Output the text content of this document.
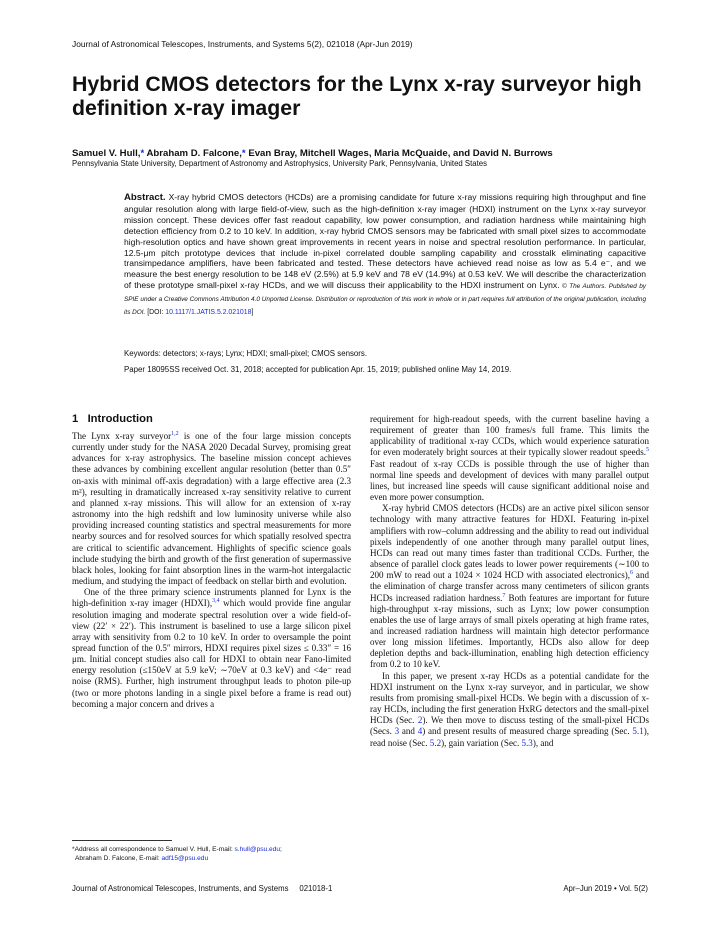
Journal of Astronomical Telescopes, Instruments, and Systems 5(2), 021018 (Apr-Jun 2019)
Hybrid CMOS detectors for the Lynx x-ray surveyor high definition x-ray imager
Samuel V. Hull,* Abraham D. Falcone,* Evan Bray, Mitchell Wages, Maria McQuaide, and David N. Burrows
Pennsylvania State University, Department of Astronomy and Astrophysics, University Park, Pennsylvania, United States

Abstract. X-ray hybrid CMOS detectors (HCDs) are a promising candidate for future x-ray missions requiring high throughput and fine angular resolution along with large field-of-view, such as the high-definition x-ray imager (HDXI) instrument on the Lynx x-ray surveyor mission concept. These devices offer fast readout capability, low power consumption, and radiation hardness while maintaining high detection efficiency from 0.2 to 10 keV. In addition, x-ray hybrid CMOS sensors may be fabricated with small pixel sizes to accommodate high-resolution optics and have shown great improvements in recent years in noise and spectral resolution performance. In particular, 12.5-μm pitch prototype devices that include in-pixel correlated double sampling capability and crosstalk eliminating capacitive transimpedance amplifiers, have been fabricated and tested. These detectors have achieved read noise as low as 5.4 e⁻, and we measure the best energy resolution to be 148 eV (2.5%) at 5.9 keV and 78 eV (14.9%) at 0.53 keV. We will describe the characterization of these prototype small-pixel x-ray HCDs, and we will discuss their applicability to the HDXI instrument on Lynx. © The Authors. Published by SPIE under a Creative Commons Attribution 4.0 Unported License. Distribution or reproduction of this work in whole or in part requires full attribution of the original publication, including its DOI. [DOI: 10.1117/1.JATIS.5.2.021018]

Keywords: detectors; x-rays; Lynx; HDXI; small-pixel; CMOS sensors.
Paper 18095SS received Oct. 31, 2018; accepted for publication Apr. 15, 2019; published online May 14, 2019.
1 Introduction

The Lynx x-ray surveyor$^{1,2}$ is one of the four large mission concepts currently under study for the NASA 2020 Decadal Survey, promising great advances for x-ray astrophysics. The baseline mission concept achieves these advances by combining excellent angular resolution (better than 0.5″ on-axis with minimal off-axis degradation) with a large effective area (2.3 m²), resulting in dramatically increased x-ray sensitivity relative to current and planned x-ray missions. This will allow for an extension of x-ray astronomy into the high redshift and low luminosity universe while also providing increased counting statistics and spectral measurements for more nearby sources and for resolved sources for which spatially resolved spectra are critical to scientific advancement. Highlights of specific science goals include studying the birth and growth of the first generation of supermassive black holes, looking for faint absorption lines in the warm-hot intergalactic medium, and studying the impact of feedback on stellar birth and evolution.

One of the three primary science instruments planned for Lynx is the high-definition x-ray imager (HDXI),$^{3,4}$ which would provide fine angular resolution imaging and moderate spectral resolution over a wide field-of-view (22′ × 22′). This instrument is baselined to use a large silicon pixel array with sensitivity from 0.2 to 10 keV. In order to oversample the point spread function of the 0.5″ mirrors, HDXI requires pixel sizes ≤ 0.33″ = 16 μm. Initial concept studies also call for HDXI to obtain near Fano-limited energy resolution (≤150eV at 5.9 keV; ∼70eV at 0.3 keV) and <4e⁻ read noise (RMS). Further, high instrument throughput leads to photon pile-up (two or more photons landing in a single pixel before a frame is read out) becoming a major concern and drives a

requirement for high-readout speeds, with the current baseline having a requirement of greater than 100 frames/s full frame. This limits the applicability of traditional x-ray CCDs, which would experience saturation for even moderately bright sources at their typically slower readout speeds.$^5$ Fast readout of x-ray CCDs is possible through the use of higher than normal line speeds and development of devices with many parallel output lines, but increased line speeds will cause significant additional noise and even more power consumption.

X-ray hybrid CMOS detectors (HCDs) are an active pixel silicon sensor technology with many attractive features for HDXI. Featuring in-pixel amplifiers with row–column addressing and the ability to read out individual pixels independently of one another through many parallel output lines, HCDs can read out many times faster than traditional CCDs. Further, the absence of parallel clock gates leads to lower power requirements (∼100 to 200 mW to read out a 1024 × 1024 HCD with associated electronics),$^6$ and the elimination of charge transfer across many centimeters of silicon grants HCDs increased radiation hardness.$^7$ Both features are important for future high-throughput x-ray missions, such as Lynx; low power consumption enables the use of large arrays of small pixels operating at high frame rates, and increased radiation hardness will maintain high detector performance over long mission lifetimes. Importantly, HCDs also allow for deep depletion depths and back-illumination, enabling high detection efficiency from 0.2 to 10 keV.

In this paper, we present x-ray HCDs as a potential candidate for the HDXI instrument on the Lynx x-ray surveyor, and in particular, we show results from promising small-pixel HCDs. We begin with a discussion of x-ray HCDs, including the first generation HxRG detectors and the small-pixel HCDs (Sec. 2). We then move to discuss testing of the small-pixel HCDs (Secs. 3 and 4) and present results of measured charge spreading (Sec. 5.1), read noise (Sec. 5.2), gain variation (Sec. 5.3), and

*Address all correspondence to Samuel V. Hull, E-mail: s.hull@psu.edu;
Abraham D. Falcone, E-mail: adf15@psu.edu
Journal of Astronomical Telescopes, Instruments, and Systems     021018-1	Apr–Jun 2019 • Vol. 5(2)
